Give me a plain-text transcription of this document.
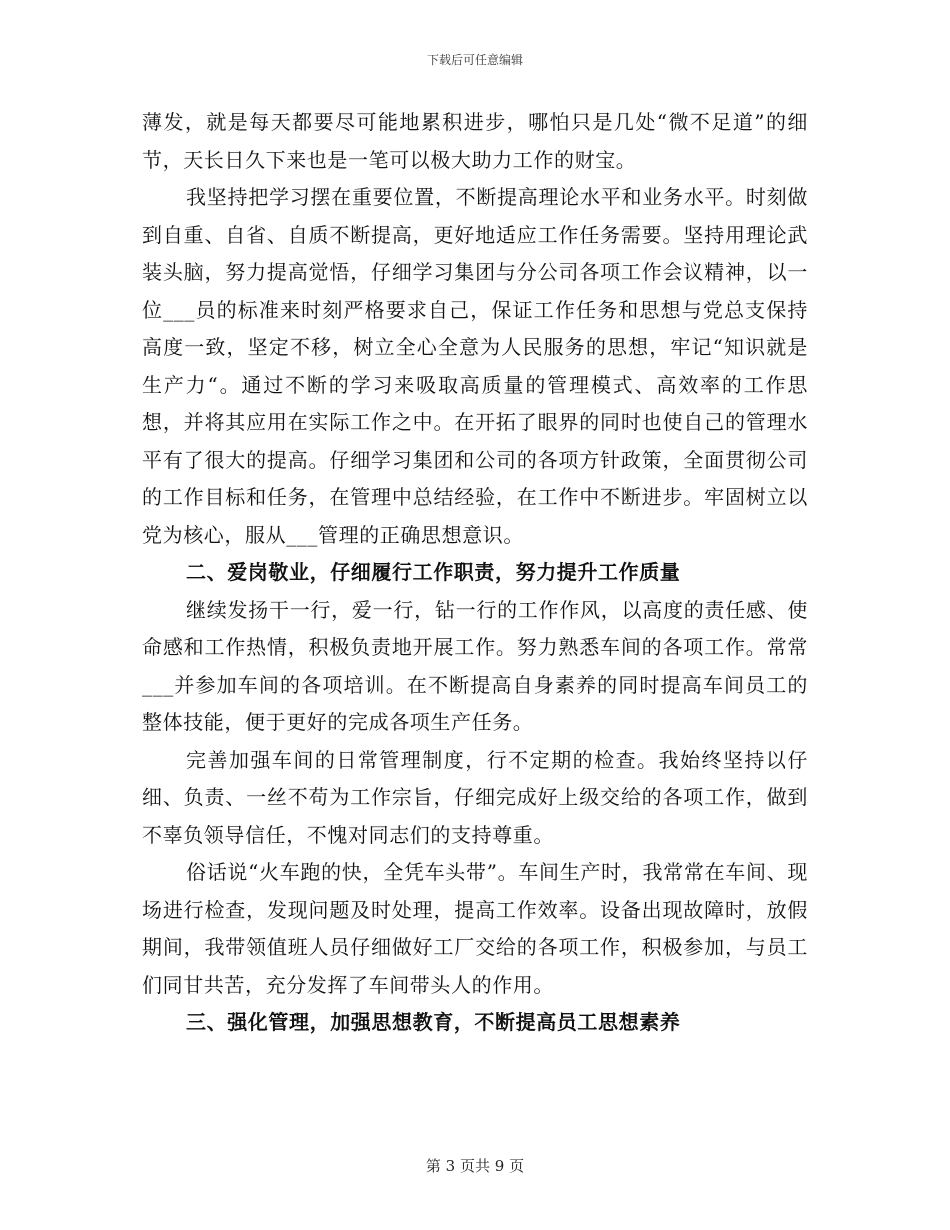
下载后可任意编辑

薄发，就是每天都要尽可能地累积进步，哪怕只是几处“微不足道”的细节，天长日久下来也是一笔可以极大助力工作的财宝。

我坚持把学习摆在重要位置，不断提高理论水平和业务水平。时刻做到自重、自省、自质不断提高，更好地适应工作任务需要。坚持用理论武装头脑，努力提高觉悟，仔细学习集团与分公司各项工作会议精神，以一位___员的标准来时刻严格要求自己，保证工作任务和思想与党总支保持高度一致，坚定不移，树立全心全意为人民服务的思想，牢记“知识就是生产力“。通过不断的学习来吸取高质量的管理模式、高效率的工作思想，并将其应用在实际工作之中。在开拓了眼界的同时也使自己的管理水平有了很大的提高。仔细学习集团和公司的各项方针政策，全面贯彻公司的工作目标和任务，在管理中总结经验，在工作中不断进步。牢固树立以党为核心，服从___管理的正确思想意识。

二、爱岗敬业，仔细履行工作职责，努力提升工作质量

继续发扬干一行，爱一行，钻一行的工作作风，以高度的责任感、使命感和工作热情，积极负责地开展工作。努力熟悉车间的各项工作。常常___并参加车间的各项培训。在不断提高自身素养的同时提高车间员工的整体技能，便于更好的完成各项生产任务。

完善加强车间的日常管理制度，行不定期的检查。我始终坚持以仔细、负责、一丝不苟为工作宗旨，仔细完成好上级交给的各项工作，做到不辜负领导信任，不愧对同志们的支持尊重。

俗话说“火车跑的快，全凭车头带”。车间生产时，我常常在车间、现场进行检查，发现问题及时处理，提高工作效率。设备出现故障时，放假期间，我带领值班人员仔细做好工厂交给的各项工作，积极参加，与员工们同甘共苦，充分发挥了车间带头人的作用。

三、强化管理，加强思想教育，不断提高员工思想素养

第 3 页共 9 页
